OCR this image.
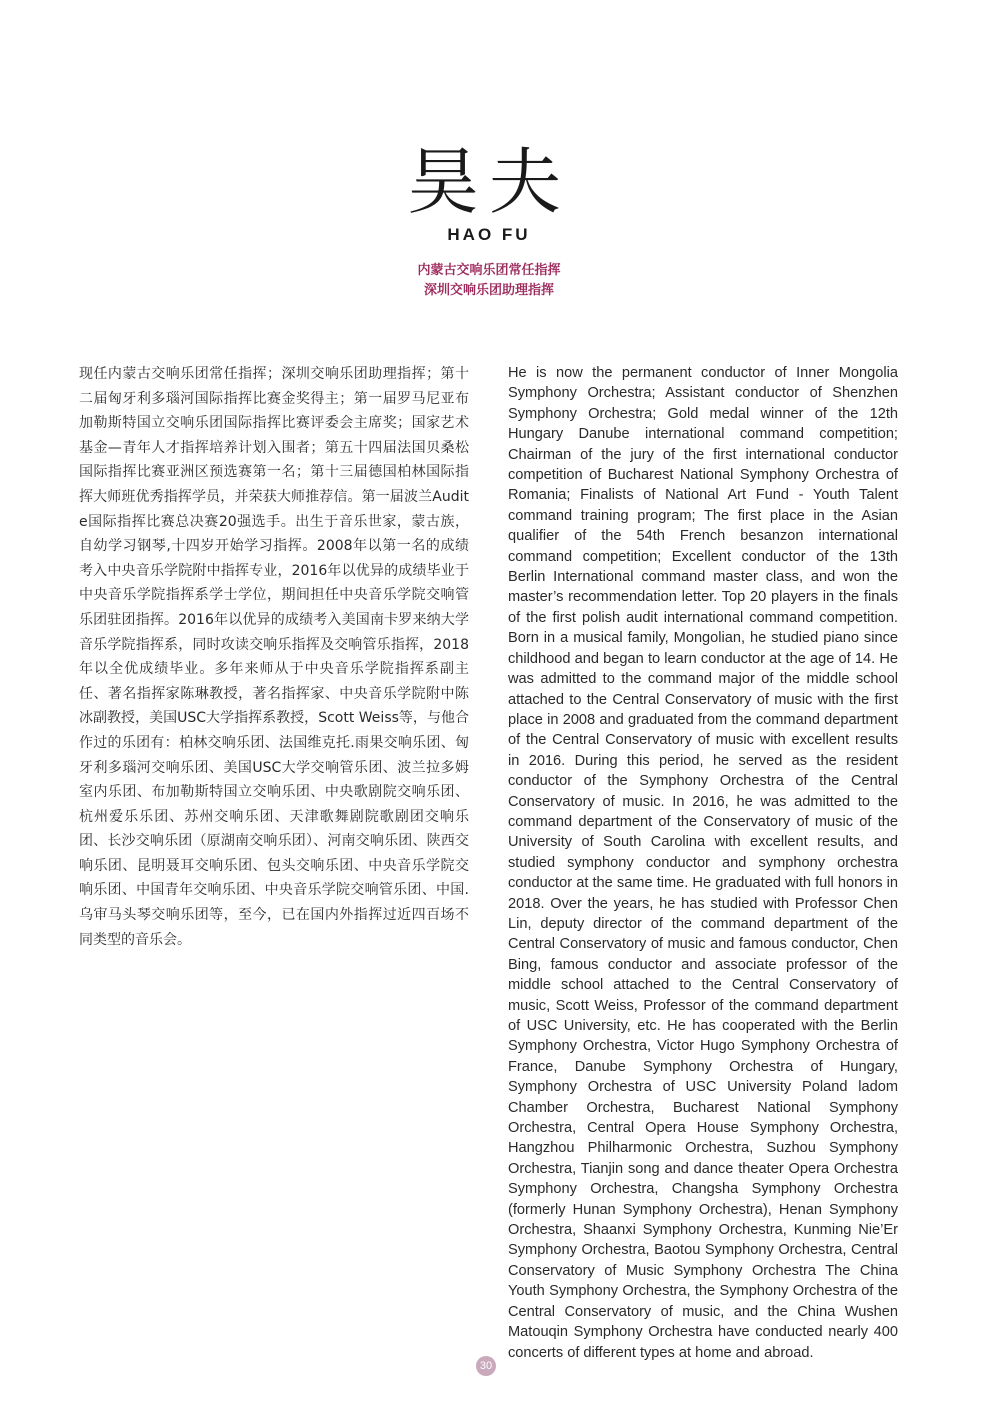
昊夫
HAO FU
内蒙古交响乐团常任指挥
深圳交响乐团助理指挥
现任内蒙古交响乐团常任指挥；深圳交响乐团助理指挥；第十二届匈牙利多瑙河国际指挥比赛金奖得主；第一届罗马尼亚布加勒斯特国立交响乐团国际指挥比赛评委会主席奖；国家艺术基金—青年人才指挥培养计划入围者；第五十四届法国贝桑松国际指挥比赛亚洲区预选赛第一名；第十三届德国柏林国际指挥大师班优秀指挥学员，并荣获大师推荐信。第一届波兰Audite国际指挥比赛总决赛20强选手。出生于音乐世家，蒙古族，自幼学习钢琴,十四岁开始学习指挥。2008年以第一名的成绩考入中央音乐学院附中指挥专业，2016年以优异的成绩毕业于中央音乐学院指挥系学士学位，期间担任中央音乐学院交响管乐团驻团指挥。2016年以优异的成绩考入美国南卡罗来纳大学音乐学院指挥系，同时攻读交响乐指挥及交响管乐指挥，2018年以全优成绩毕业。多年来师从于中央音乐学院指挥系副主任、著名指挥家陈琳教授，著名指挥家、中央音乐学院附中陈冰副教授，美国USC大学指挥系教授，Scott Weiss等，与他合作过的乐团有：柏林交响乐团、法国维克托.雨果交响乐团、匈牙利多瑙河交响乐团、美国USC大学交响管乐团、波兰拉多姆室内乐团、布加勒斯特国立交响乐团、中央歌剧院交响乐团、杭州爱乐乐团、苏州交响乐团、天津歌舞剧院歌剧团交响乐团、长沙交响乐团（原湖南交响乐团）、河南交响乐团、陕西交响乐团、昆明聂耳交响乐团、包头交响乐团、中央音乐学院交响乐团、中国青年交响乐团、中央音乐学院交响管乐团、中国.乌审马头琴交响乐团等，至今，已在国内外指挥过近四百场不同类型的音乐会。
He is now the permanent conductor of Inner Mongolia Symphony Orchestra; Assistant conductor of Shenzhen Symphony Orchestra; Gold medal winner of the 12th Hungary Danube international command competition; Chairman of the jury of the first international conductor competition of Bucharest National Symphony Orchestra of Romania; Finalists of National Art Fund - Youth Talent command training program; The first place in the Asian qualifier of the 54th French besanzon international command competition; Excellent conductor of the 13th Berlin International command master class, and won the master’s recommendation letter. Top 20 players in the finals of the first polish audit international command competition. Born in a musical family, Mongolian, he studied piano since childhood and began to learn conductor at the age of 14. He was admitted to the command major of the middle school attached to the Central Conservatory of music with the first place in 2008 and graduated from the command department of the Central Conservatory of music with excellent results in 2016. During this period, he served as the resident conductor of the Symphony Orchestra of the Central Conservatory of music. In 2016, he was admitted to the command department of the Conservatory of music of the University of South Carolina with excellent results, and studied symphony conductor and symphony orchestra conductor at the same time. He graduated with full honors in 2018. Over the years, he has studied with Professor Chen Lin, deputy director of the command department of the Central Conservatory of music and famous conductor, Chen Bing, famous conductor and associate professor of the middle school attached to the Central Conservatory of music, Scott Weiss, Professor of the command department of USC University, etc. He has cooperated with the Berlin Symphony Orchestra, Victor Hugo Symphony Orchestra of France, Danube Symphony Orchestra of Hungary, Symphony Orchestra of USC University Poland ladom Chamber Orchestra, Bucharest National Symphony Orchestra, Central Opera House Symphony Orchestra, Hangzhou Philharmonic Orchestra, Suzhou Symphony Orchestra, Tianjin song and dance theater Opera Orchestra Symphony Orchestra, Changsha Symphony Orchestra (formerly Hunan Symphony Orchestra), Henan Symphony Orchestra, Shaanxi Symphony Orchestra, Kunming Nie’Er Symphony Orchestra, Baotou Symphony Orchestra, Central Conservatory of Music Symphony Orchestra The China Youth Symphony Orchestra, the Symphony Orchestra of the Central Conservatory of music, and the China Wushen Matouqin Symphony Orchestra have conducted nearly 400 concerts of different types at home and abroad.
30
